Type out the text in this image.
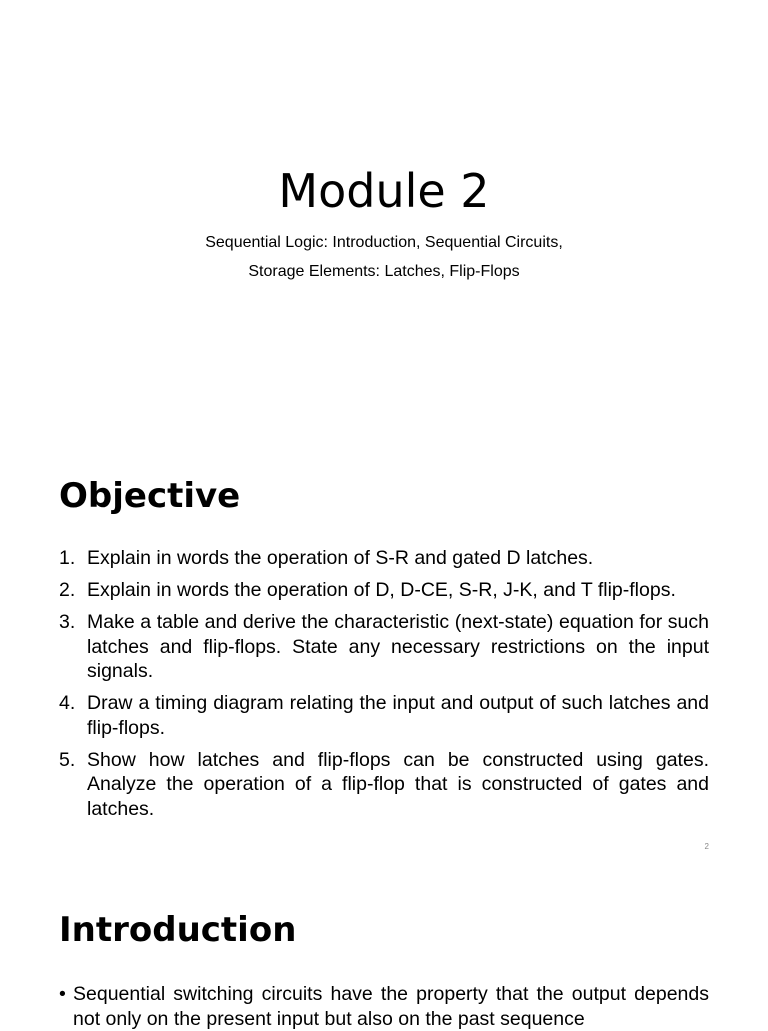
Module 2
Sequential Logic: Introduction, Sequential Circuits,
Storage Elements: Latches, Flip-Flops
Objective
1. Explain in words the operation of S-R and gated D latches.
2. Explain in words the operation of D, D-CE, S-R, J-K, and T flip-flops.
3. Make a table and derive the characteristic (next-state) equation for such latches and flip-flops. State any necessary restrictions on the input signals.
4. Draw a timing diagram relating the input and output of such latches and flip-flops.
5. Show how latches and flip-flops can be constructed using gates. Analyze the operation of a flip-flop that is constructed of gates and latches.
2
Introduction
• Sequential switching circuits have the property that the output depends not only on the present input but also on the past sequence
